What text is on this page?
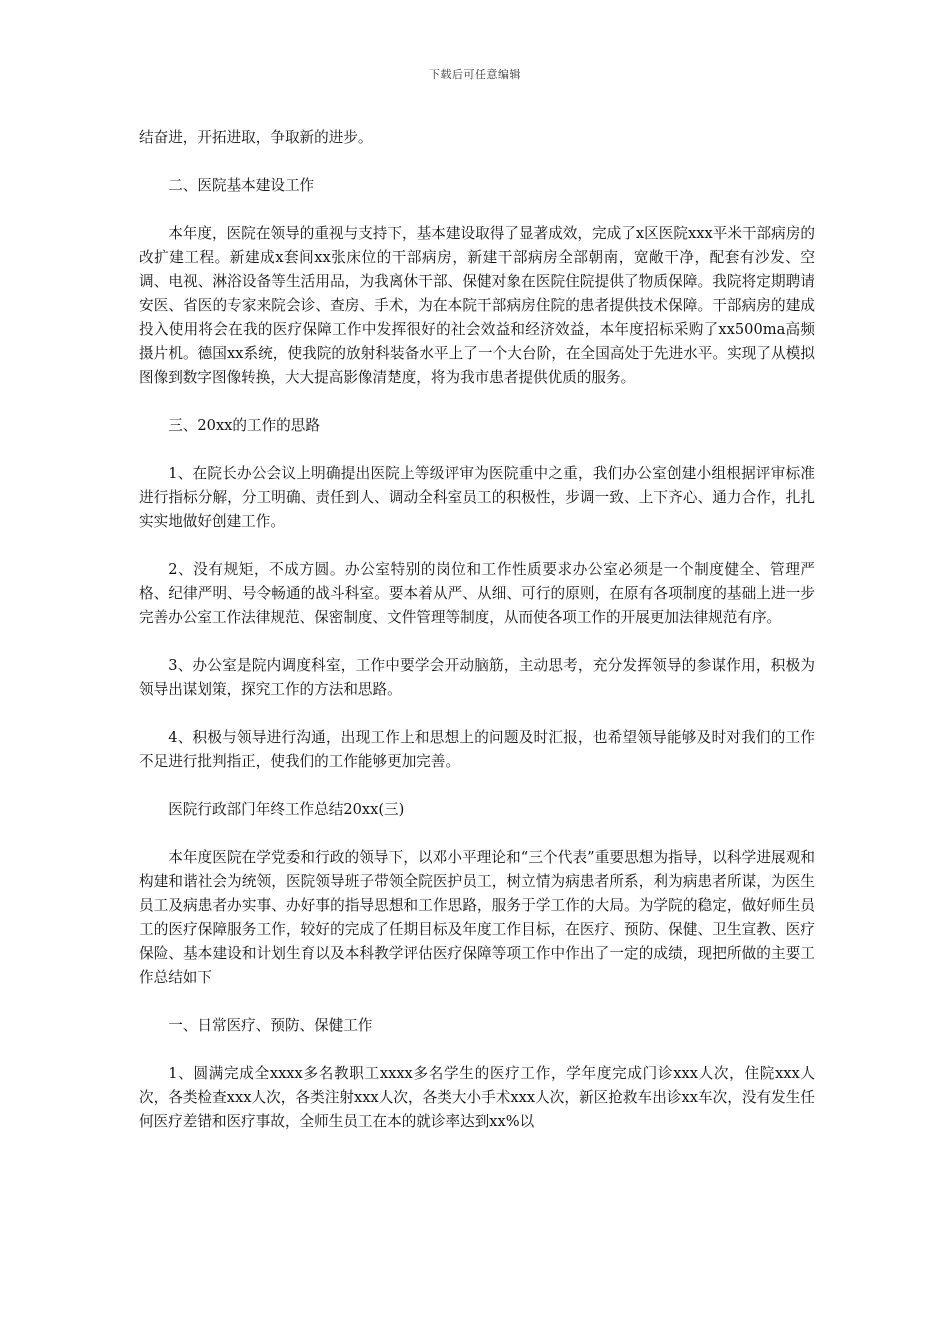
下载后可任意编辑

结奋进，开拓进取，争取新的进步。

二、医院基本建设工作

本年度，医院在领导的重视与支持下，基本建设取得了显著成效，完成了x区医院xxx平米干部病房的改扩建工程。新建成x套间xx张床位的干部病房，新建干部病房全部朝南，宽敞干净，配套有沙发、空调、电视、淋浴设备等生活用品，为我离休干部、保健对象在医院住院提供了物质保障。我院将定期聘请安医、省医的专家来院会诊、查房、手术，为在本院干部病房住院的患者提供技术保障。干部病房的建成投入使用将会在我的医疗保障工作中发挥很好的社会效益和经济效益，本年度招标采购了xx500ma高频摄片机。德国xx系统，使我院的放射科装备水平上了一个大台阶，在全国高处于先进水平。实现了从模拟图像到数字图像转换，大大提高影像清楚度，将为我市患者提供优质的服务。

三、20xx的工作的思路

1、在院长办公会议上明确提出医院上等级评审为医院重中之重，我们办公室创建小组根据评审标准进行指标分解，分工明确、责任到人、调动全科室员工的积极性，步调一致、上下齐心、通力合作，扎扎实实地做好创建工作。

2、没有规矩，不成方圆。办公室特别的岗位和工作性质要求办公室必须是一个制度健全、管理严格、纪律严明、号令畅通的战斗科室。要本着从严、从细、可行的原则，在原有各项制度的基础上进一步完善办公室工作法律规范、保密制度、文件管理等制度，从而使各项工作的开展更加法律规范有序。

3、办公室是院内调度科室，工作中要学会开动脑筋，主动思考，充分发挥领导的参谋作用，积极为领导出谋划策，探究工作的方法和思路。

4、积极与领导进行沟通，出现工作上和思想上的问题及时汇报，也希望领导能够及时对我们的工作不足进行批判指正，使我们的工作能够更加完善。

医院行政部门年终工作总结20xx(三)

本年度医院在学党委和行政的领导下，以邓小平理论和“三个代表”重要思想为指导，以科学进展观和构建和谐社会为统领，医院领导班子带领全院医护员工，树立情为病患者所系，利为病患者所谋，为医生员工及病患者办实事、办好事的指导思想和工作思路，服务于学工作的大局。为学院的稳定，做好师生员工的医疗保障服务工作，较好的完成了任期目标及年度工作目标，在医疗、预防、保健、卫生宣教、医疗保险、基本建设和计划生育以及本科教学评估医疗保障等项工作中作出了一定的成绩，现把所做的主要工作总结如下

一、日常医疗、预防、保健工作

1、圆满完成全xxxx多名教职工xxxx多名学生的医疗工作，学年度完成门诊xxx人次，住院xxx人次，各类检查xxx人次，各类注射xxx人次，各类大小手术xxx人次，新区抢救车出诊xx车次，没有发生任何医疗差错和医疗事故，全师生员工在本的就诊率达到xx%以
